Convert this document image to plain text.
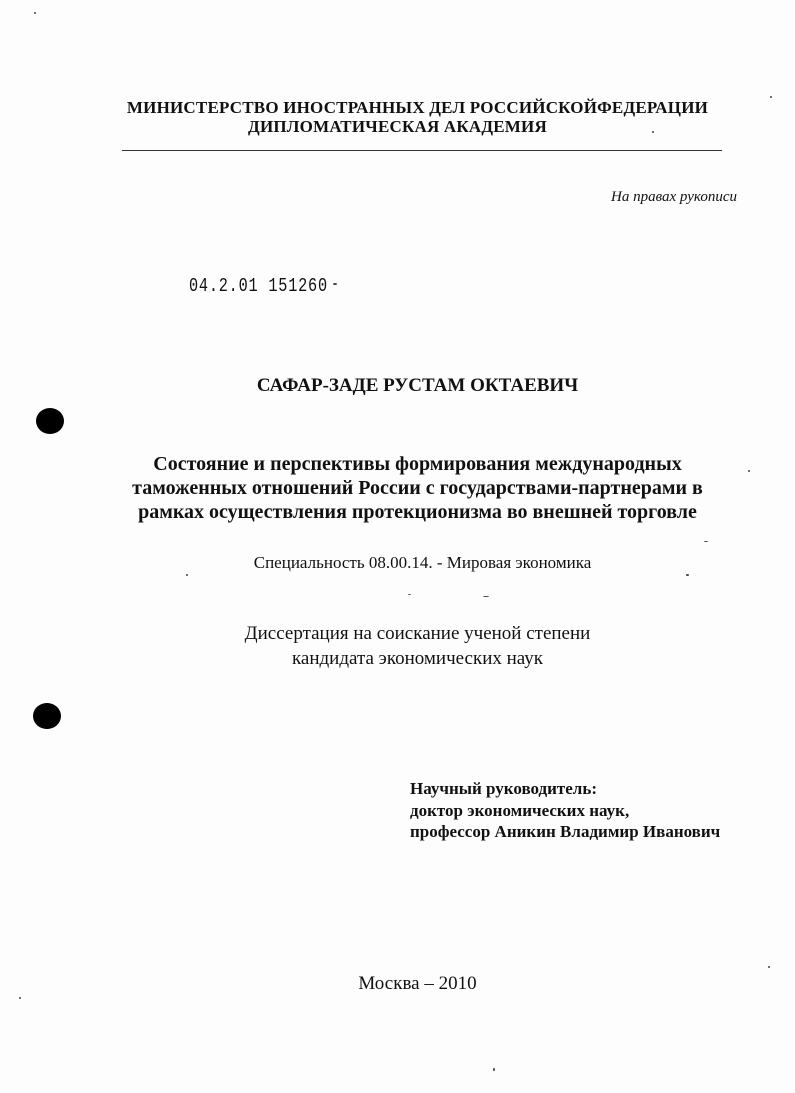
МИНИСТЕРСТВО ИНОСТРАННЫХ ДЕЛ РОССИЙСКОЙФЕДЕРАЦИИ
ДИПЛОМАТИЧЕСКАЯ АКАДЕМИЯ
На правах рукописи
04.2.01 151260
САФАР-ЗАДЕ РУСТАМ ОКТАЕВИЧ
Состояние и перспективы формирования международных
таможенных отношений России с государствами-партнерами в
рамках осуществления протекционизма во внешней торговле
Специальность 08.00.14. - Мировая экономика
Диссертация на соискание ученой степени
кандидата экономических наук
Научный руководитель:
доктор экономических наук,
профессор Аникин Владимир Иванович
Москва – 2010
